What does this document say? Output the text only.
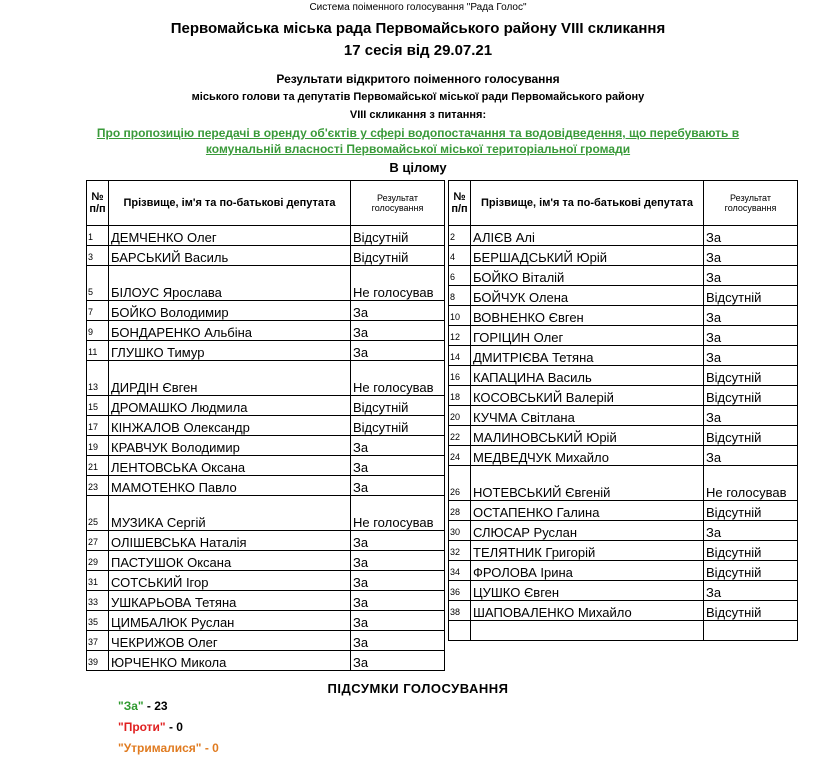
Система поіменного голосування "Рада Голос"
Первомайська міська рада Первомайського району VIII скликання
17 сесія від 29.07.21
Результати відкритого поіменного голосування
міського голови та депутатів Первомайської міської ради Первомайського району
VIII скликання з питання:
Про пропозицію передачі в оренду об'єктів у сфері водопостачання та водовідведення, що перебувають в
комунальній власності Первомайської міської територіальної громади
В цілому
№ п/п	Прізвище, ім'я та по-батькові депутата	Результат голосування
1	ДЕМЧЕНКО Олег	Відсутній
3	БАРСЬКИЙ Василь	Відсутній
5	БІЛОУС Ярослава	Не голосував
7	БОЙКО Володимир	За
9	БОНДАРЕНКО Альбіна	За
11	ГЛУШКО Тимур	За
13	ДИРДІН Євген	Не голосував
15	ДРОМАШКО Людмила	Відсутній
17	КІНЖАЛОВ Олександр	Відсутній
19	КРАВЧУК Володимир	За
21	ЛЕНТОВСЬКА Оксана	За
23	МАМОТЕНКО Павло	За
25	МУЗИКА Сергій	Не голосував
27	ОЛІШЕВСЬКА Наталія	За
29	ПАСТУШОК Оксана	За
31	СОТСЬКИЙ Ігор	За
33	УШКАРЬОВА Тетяна	За
35	ЦИМБАЛЮК Руслан	За
37	ЧЕКРИЖОВ Олег	За
39	ЮРЧЕНКО Микола	За
№ п/п	Прізвище, ім'я та по-батькові депутата	Результат голосування
2	АЛІЄВ Алі	За
4	БЕРШАДСЬКИЙ Юрій	За
6	БОЙКО Віталій	За
8	БОЙЧУК Олена	Відсутній
10	ВОВНЕНКО Євген	За
12	ГОРІЦИН Олег	За
14	ДМИТРІЄВА Тетяна	За
16	КАПАЦИНА Василь	Відсутній
18	КОСОВСЬКИЙ Валерій	Відсутній
20	КУЧМА Світлана	За
22	МАЛИНОВСЬКИЙ Юрій	Відсутній
24	МЕДВЕДЧУК Михайло	За
26	НОТЕВСЬКИЙ Євгеній	Не голосував
28	ОСТАПЕНКО Галина	Відсутній
30	СЛЮСАР Руслан	За
32	ТЕЛЯТНИК Григорій	Відсутній
34	ФРОЛОВА Ірина	Відсутній
36	ЦУШКО Євген	За
38	ШАПОВАЛЕНКО Михайло	Відсутній

ПІДСУМКИ ГОЛОСУВАННЯ
"За" - 23
"Проти" - 0
"Утрималися" - 0
